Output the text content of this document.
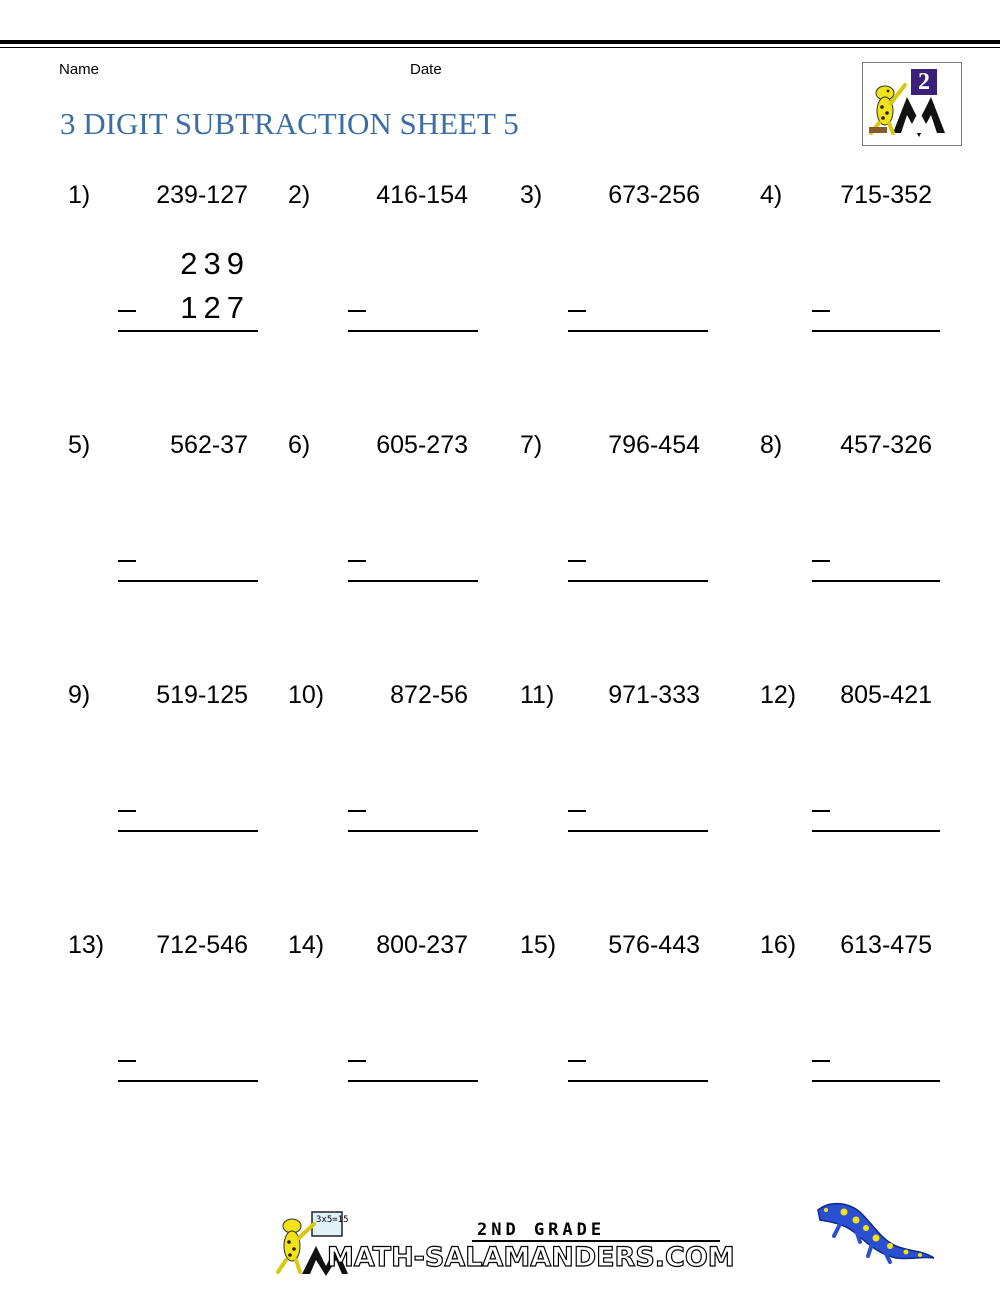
Name	Date
3 DIGIT SUBTRACTION SHEET 5
2
1)	239-127 2)	416-154 3)	673-256 4) 715-352
5)	562-37 6)	605-273 7)	796-454 8) 457-326
9)	519-125 10)	872-56 11) 971-333 12) 805-421
13) 712-546 14) 800-237 15) 576-443 16) 613-475
239
127
3x5=15	2ND GRADE
MATH-SALAMANDERS.COM
